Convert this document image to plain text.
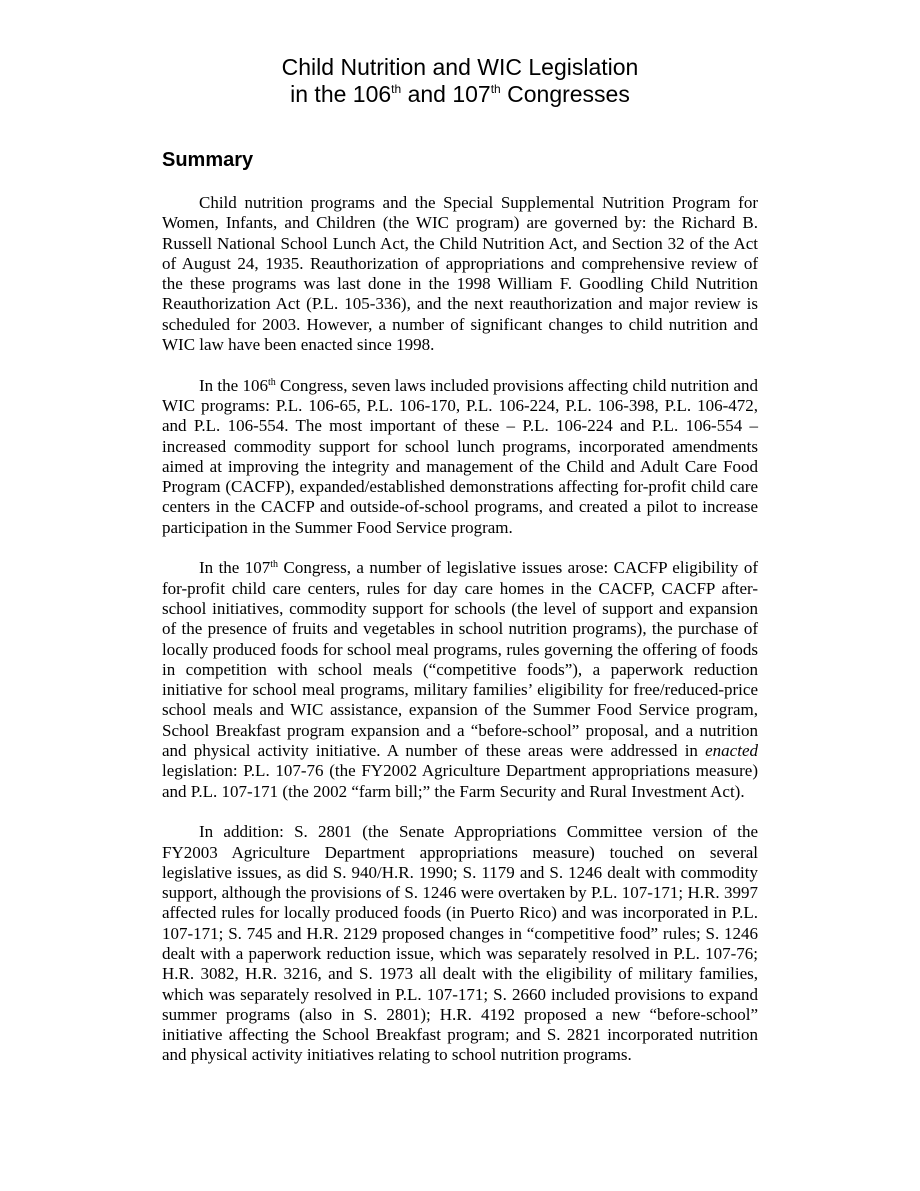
Child Nutrition and WIC Legislation
in the 106th and 107th Congresses
Summary

Child nutrition programs and the Special Supplemental Nutrition Program for Women, Infants, and Children (the WIC program) are governed by: the Richard B. Russell National School Lunch Act, the Child Nutrition Act, and Section 32 of the Act of August 24, 1935. Reauthorization of appropriations and comprehensive review of the these programs was last done in the 1998 William F. Goodling Child Nutrition Reauthorization Act (P.L. 105-336), and the next reauthorization and major review is scheduled for 2003. However, a number of significant changes to child nutrition and WIC law have been enacted since 1998.

In the 106th Congress, seven laws included provisions affecting child nutrition and WIC programs: P.L. 106-65, P.L. 106-170, P.L. 106-224, P.L. 106-398, P.L. 106-472, and P.L. 106-554. The most important of these – P.L. 106-224 and P.L. 106-554 – increased commodity support for school lunch programs, incorporated amendments aimed at improving the integrity and management of the Child and Adult Care Food Program (CACFP), expanded/established demonstrations affecting for-profit child care centers in the CACFP and outside-of-school programs, and created a pilot to increase participation in the Summer Food Service program.

In the 107th Congress, a number of legislative issues arose: CACFP eligibility of for-profit child care centers, rules for day care homes in the CACFP, CACFP after-school initiatives, commodity support for schools (the level of support and expansion of the presence of fruits and vegetables in school nutrition programs), the purchase of locally produced foods for school meal programs, rules governing the offering of foods in competition with school meals (“competitive foods”), a paperwork reduction initiative for school meal programs, military families’ eligibility for free/reduced-price school meals and WIC assistance, expansion of the Summer Food Service program, School Breakfast program expansion and a “before-school” proposal, and a nutrition and physical activity initiative. A number of these areas were addressed in enacted legislation: P.L. 107-76 (the FY2002 Agriculture Department appropriations measure) and P.L. 107-171 (the 2002 “farm bill;” the Farm Security and Rural Investment Act).

In addition: S. 2801 (the Senate Appropriations Committee version of the FY2003 Agriculture Department appropriations measure) touched on several legislative issues, as did S. 940/H.R. 1990; S. 1179 and S. 1246 dealt with commodity support, although the provisions of S. 1246 were overtaken by P.L. 107-171; H.R. 3997 affected rules for locally produced foods (in Puerto Rico) and was incorporated in P.L. 107-171; S. 745 and H.R. 2129 proposed changes in “competitive food” rules; S. 1246 dealt with a paperwork reduction issue, which was separately resolved in P.L. 107-76; H.R. 3082, H.R. 3216, and S. 1973 all dealt with the eligibility of military families, which was separately resolved in P.L. 107-171; S. 2660 included provisions to expand summer programs (also in S. 2801); H.R. 4192 proposed a new “before-school” initiative affecting the School Breakfast program; and S. 2821 incorporated nutrition and physical activity initiatives relating to school nutrition programs.
